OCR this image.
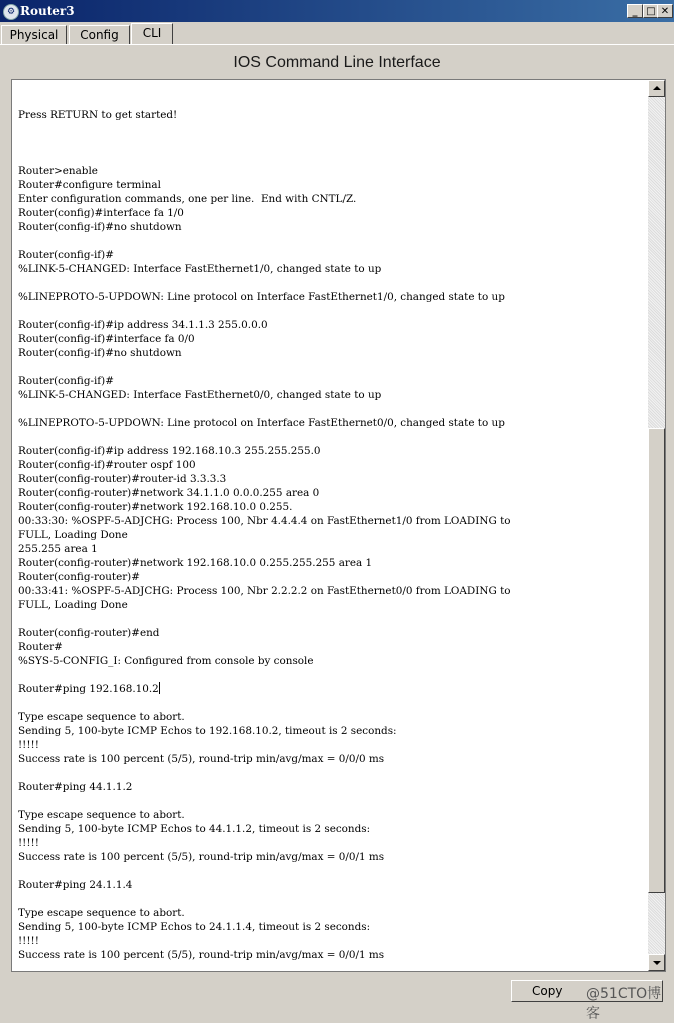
⚙ Router3	_ □ ✕
Physical	Config	CLI
IOS Command Line Interface
Press RETURN to get started!
Router>enable
Router#configure terminal
Enter configuration commands, one per line.  End with CNTL/Z.
Router(config)#interface fa 1/0
Router(config-if)#no shutdown
Router(config-if)#
%LINK-5-CHANGED: Interface FastEthernet1/0, changed state to up
%LINEPROTO-5-UPDOWN: Line protocol on Interface FastEthernet1/0, changed state to up
Router(config-if)#ip address 34.1.1.3 255.0.0.0
Router(config-if)#interface fa 0/0
Router(config-if)#no shutdown
Router(config-if)#
%LINK-5-CHANGED: Interface FastEthernet0/0, changed state to up
%LINEPROTO-5-UPDOWN: Line protocol on Interface FastEthernet0/0, changed state to up
Router(config-if)#ip address 192.168.10.3 255.255.255.0
Router(config-if)#router ospf 100
Router(config-router)#router-id 3.3.3.3
Router(config-router)#network 34.1.1.0 0.0.0.255 area 0
Router(config-router)#network 192.168.10.0 0.255.
00:33:30: %OSPF-5-ADJCHG: Process 100, Nbr 4.4.4.4 on FastEthernet1/0 from LOADING to
FULL, Loading Done
255.255 area 1
Router(config-router)#network 192.168.10.0 0.255.255.255 area 1
Router(config-router)#
00:33:41: %OSPF-5-ADJCHG: Process 100, Nbr 2.2.2.2 on FastEthernet0/0 from LOADING to
FULL, Loading Done
Router(config-router)#end
Router#
%SYS-5-CONFIG_I: Configured from console by console
Router#ping 192.168.10.2
Type escape sequence to abort.
Sending 5, 100-byte ICMP Echos to 192.168.10.2, timeout is 2 seconds:
!!!!!
Success rate is 100 percent (5/5), round-trip min/avg/max = 0/0/0 ms
Router#ping 44.1.1.2
Type escape sequence to abort.
Sending 5, 100-byte ICMP Echos to 44.1.1.2, timeout is 2 seconds:
!!!!!
Success rate is 100 percent (5/5), round-trip min/avg/max = 0/0/1 ms
Router#ping 24.1.1.4
Type escape sequence to abort.
Sending 5, 100-byte ICMP Echos to 24.1.1.4, timeout is 2 seconds:
!!!!!
Success rate is 100 percent (5/5), round-trip min/avg/max = 0/0/1 ms
Copy	@51CTO博客
